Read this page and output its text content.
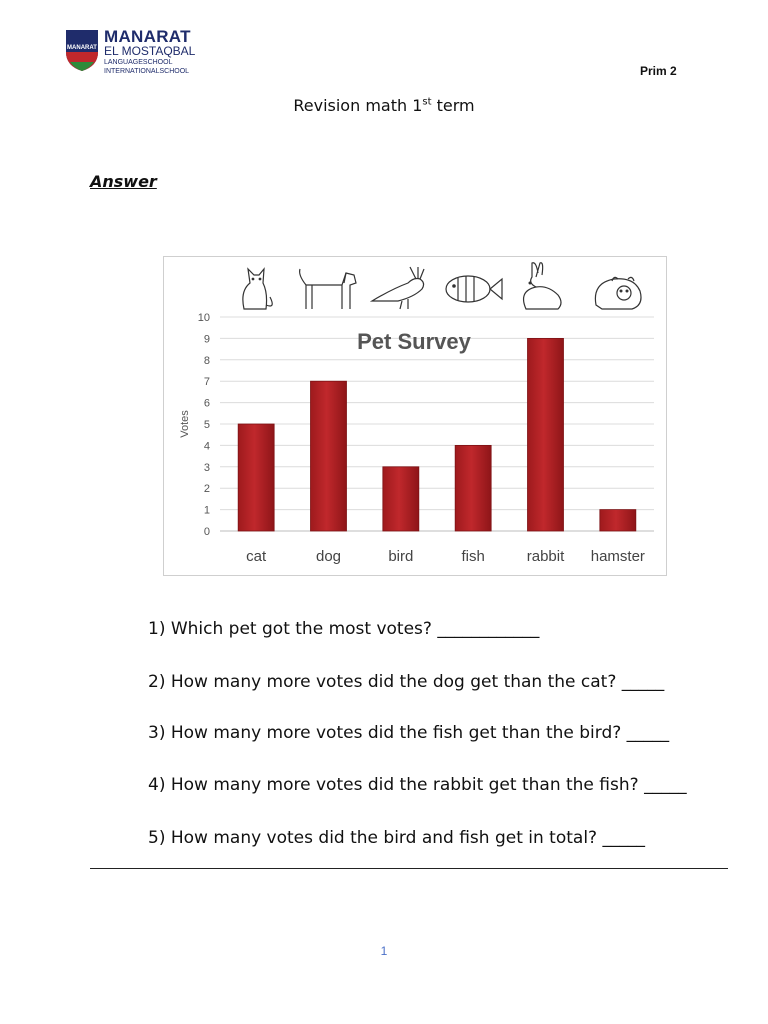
MANARAT
MANARAT
EL MOSTAQBAL
LANGUAGESCHOOL
INTERNATIONALSCHOOL	Prim 2
Revision math 1st term
Answer
0
1
2
3
4
5
6
7
8
9
10
Votes
cat	dog	bird	fish	rabbit hamster
Pet Survey
1) Which pet got the most votes? ____________
2) How many more votes did the dog get than the cat? _____
3) How many more votes did the fish get than the bird? _____
4) How many more votes did the rabbit get than the fish? _____
5) How many votes did the bird and fish get in total? _____
1
